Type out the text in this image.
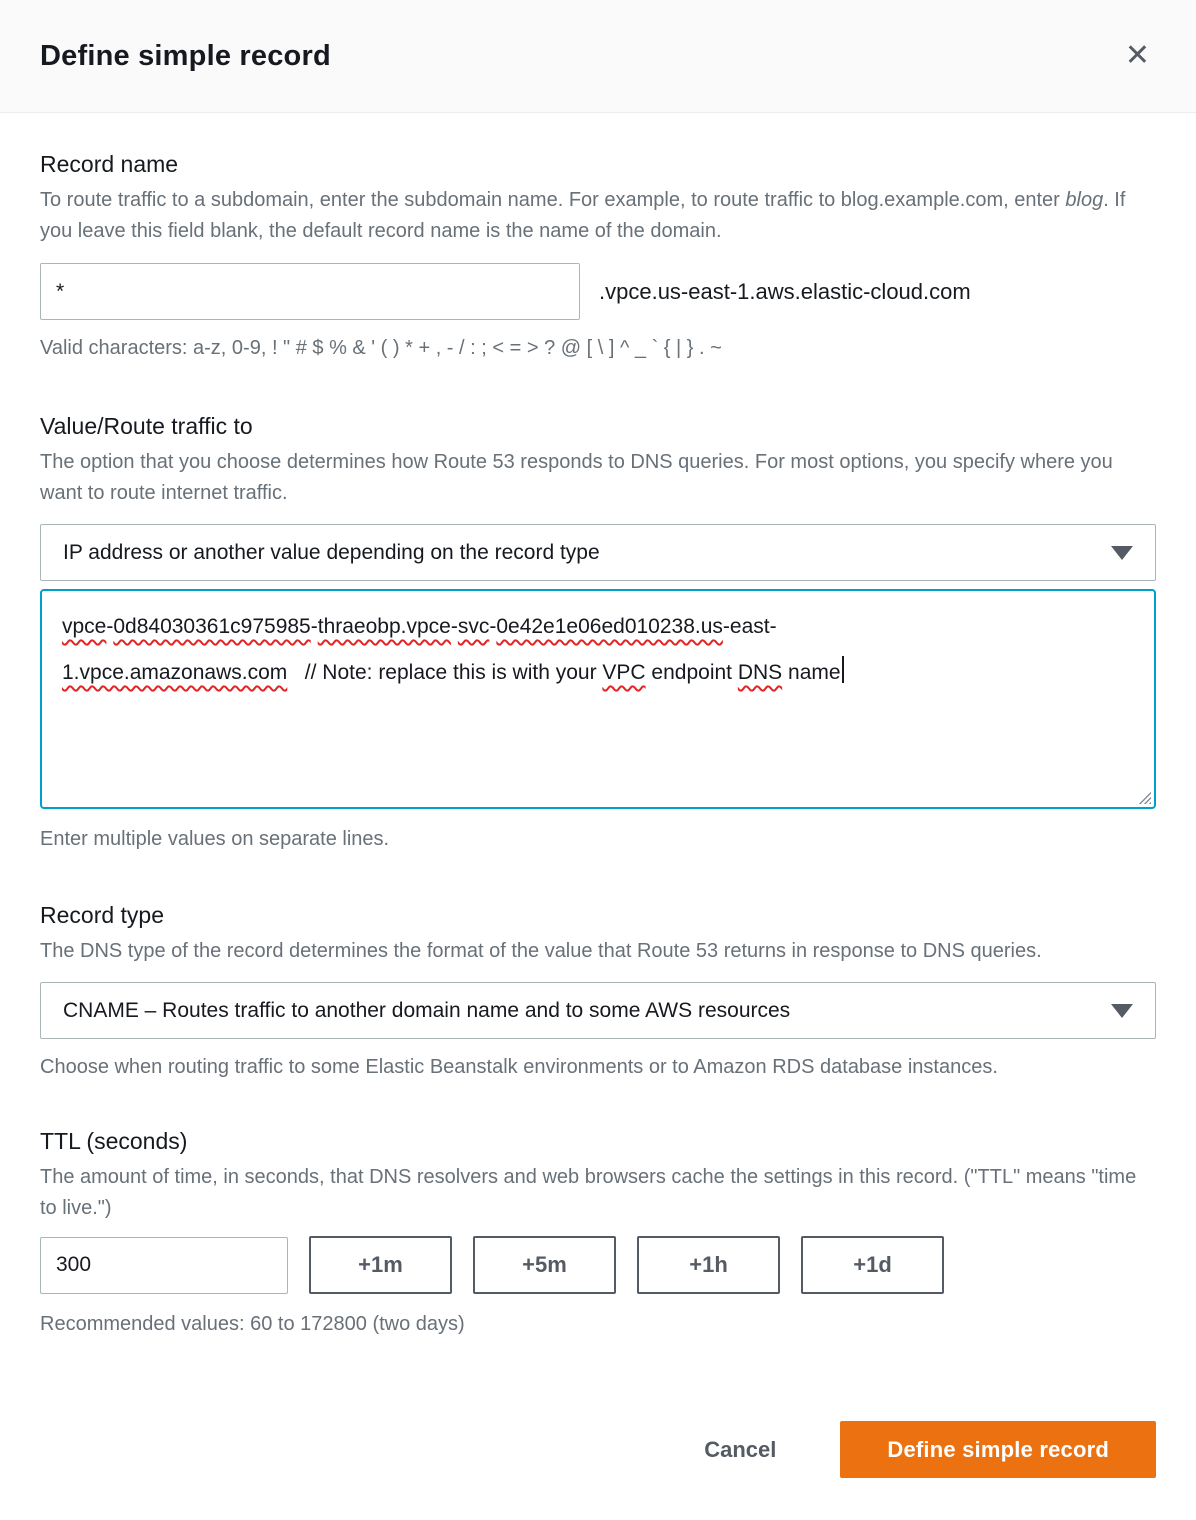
Define simple record	✕
Record name
To route traffic to a subdomain, enter the subdomain name. For example, to route traffic to blog.example.com, enter blog. If you leave this field blank, the default record name is the name of the domain.
*
.vpce.us-east-1.aws.elastic-cloud.com
Valid characters: a-z, 0-9, ! " # $ % & ' ( ) * + , - / : ; < = > ? @ [ \ ] ^ _ ` { | } . ~
Value/Route traffic to
The option that you choose determines how Route 53 responds to DNS queries. For most options, you specify where you want to route internet traffic.
IP address or another value depending on the record type
vpce-0d84030361c975985-thraeobp.vpce-svc-0e42e1e06ed010238.us-east-
1.vpce.amazonaws.com   // Note: replace this is with your VPC endpoint DNS name
Enter multiple values on separate lines.
Record type
The DNS type of the record determines the format of the value that Route 53 returns in response to DNS queries.
CNAME – Routes traffic to another domain name and to some AWS resources
Choose when routing traffic to some Elastic Beanstalk environments or to Amazon RDS database instances.
TTL (seconds)
The amount of time, in seconds, that DNS resolvers and web browsers cache the settings in this record. ("TTL" means "time to live.")
300
+1m	+5m	+1h	+1d
Recommended values: 60 to 172800 (two days)
Cancel	Define simple record
